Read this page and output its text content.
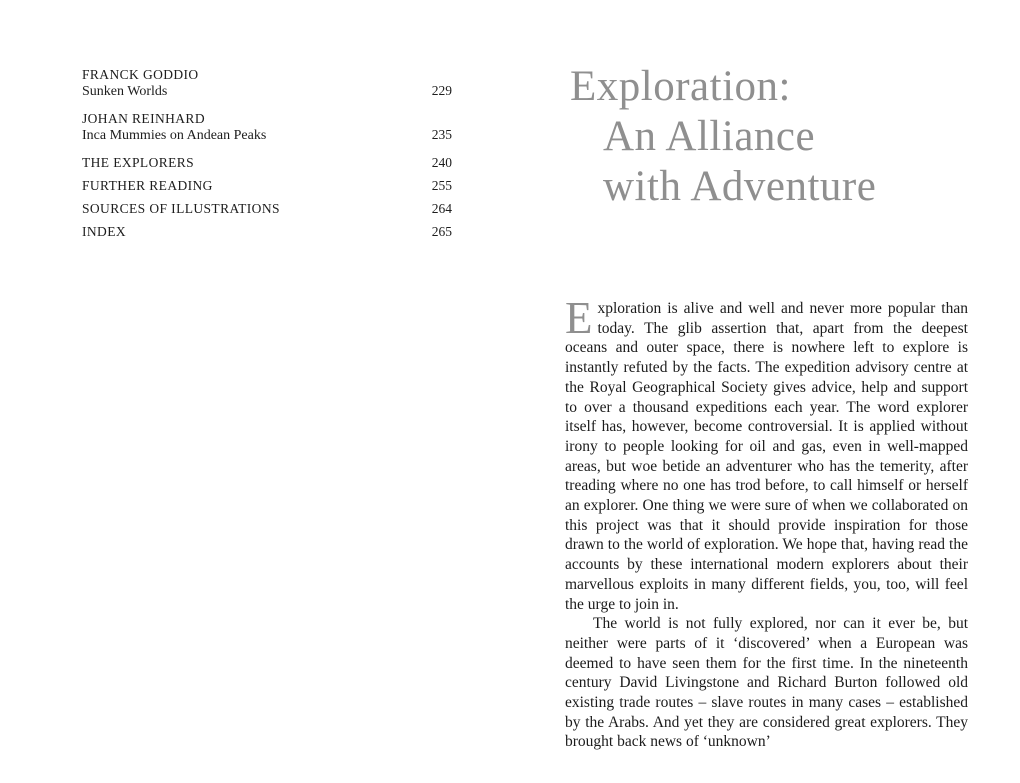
FRANCK GODDIO
Sunken Worlds	229
JOHAN REINHARD
Inca Mummies on Andean Peaks	235
THE EXPLORERS	240
FURTHER READING	255
SOURCES OF ILLUSTRATIONS	264
INDEX	265
Exploration:
An Alliance
with Adventure

Exploration is alive and well and never more popular than today. The glib assertion that, apart from the deepest oceans and outer space, there is nowhere left to explore is instantly refuted by the facts. The expedition advisory centre at the Royal Geographical Society gives advice, help and support to over a thousand expeditions each year. The word explorer itself has, however, become controversial. It is applied without irony to people looking for oil and gas, even in well-mapped areas, but woe betide an adventurer who has the temerity, after treading where no one has trod before, to call himself or herself an explorer. One thing we were sure of when we collaborated on this project was that it should provide inspiration for those drawn to the world of exploration. We hope that, having read the accounts by these international modern explorers about their marvellous exploits in many different fields, you, too, will feel the urge to join in.

The world is not fully explored, nor can it ever be, but neither were parts of it ‘discovered’ when a European was deemed to have seen them for the first time. In the nineteenth century David Livingstone and Richard Burton followed old existing trade routes – slave routes in many cases – established by the Arabs. And yet they are considered great explorers. They brought back news of ‘unknown’
